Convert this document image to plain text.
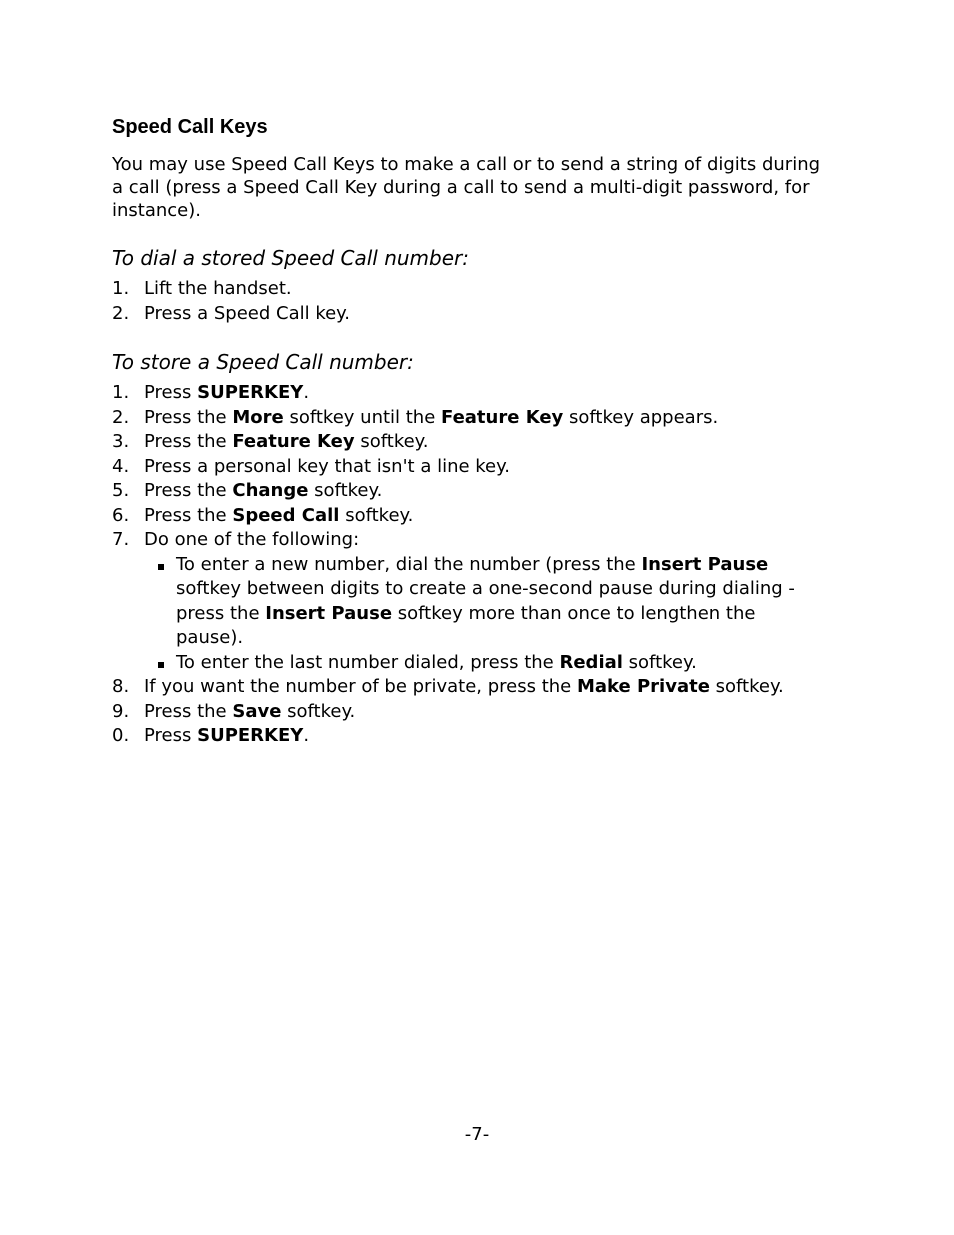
Speed Call Keys

You may use Speed Call Keys to make a call or to send a string of digits during a call (press a Speed Call Key during a call to send a multi-digit password, for instance).

To dial a stored Speed Call number:
1. Lift the handset.
2. Press a Speed Call key.
To store a Speed Call number:
1. Press SUPERKEY.
2. Press the More softkey until the Feature Key softkey appears.
3. Press the Feature Key softkey.
4. Press a personal key that isn't a line key.
5. Press the Change softkey.
6. Press the Speed Call softkey.
7. Do one of the following:
To enter a new number, dial the number (press the Insert Pause softkey between digits to create a one-second pause during dialing - press the Insert Pause softkey more than once to lengthen the pause).
To enter the last number dialed, press the Redial softkey.
8. If you want the number of be private, press the Make Private softkey.
9. Press the Save softkey.
0. Press SUPERKEY.

-7-
